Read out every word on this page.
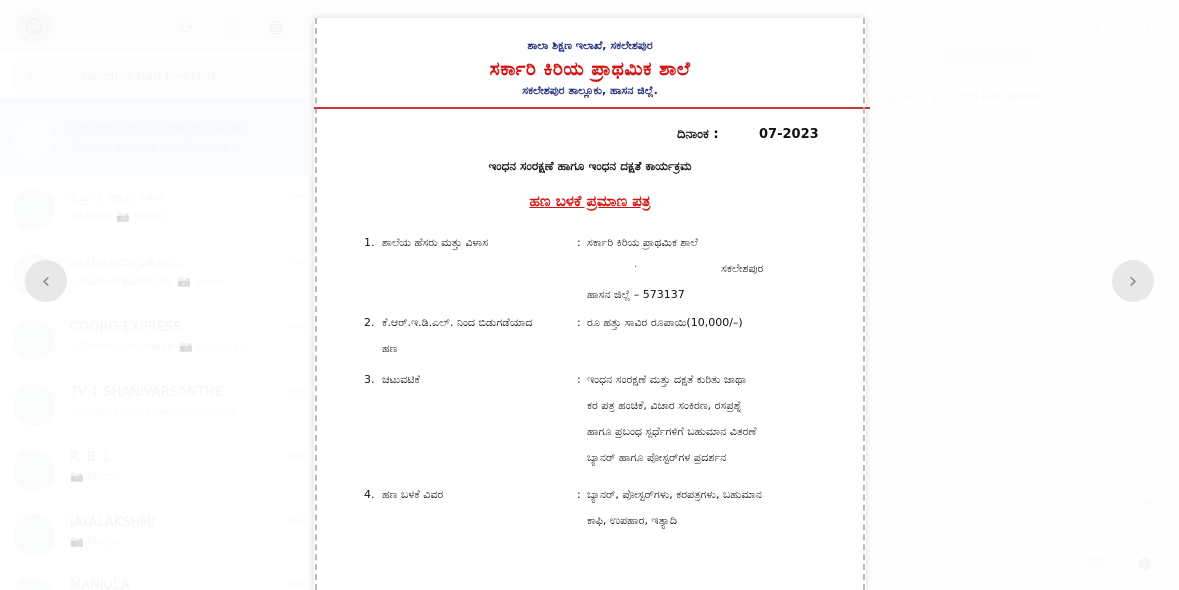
Search or start new chat
‹	›
ಶಾಲಾ ಶಿಕ್ಷಣ ಇಲಾಖೆ, ಸಕಲೇಶಪುರ
ಸರ್ಕಾರಿ ಕಿರಿಯ ಪ್ರಾಥಮಿಕ ಶಾಲೆ
ಸಕಲೇಶಪುರ ತಾಲ್ಲೂಕು, ಹಾಸನ ಜಿಲ್ಲೆ.
ದಿನಾಂಕ :	07-2023
ಇಂಧನ ಸಂರಕ್ಷಣೆ ಹಾಗೂ ಇಂಧನ ದಕ್ಷತೆ ಕಾರ್ಯಕ್ರಮ
ಹಣ ಬಳಕೆ ಪ್ರಮಾಣ ಪತ್ರ
1. ಶಾಲೆಯ ಹೆಸರು ಮತ್ತು ವಿಳಾಸ	: ಸರ್ಕಾರಿ ಕಿರಿಯ ಪ್ರಾಥಮಿಕ ಶಾಲೆ
·	ಸಕಲೇಶಪುರ
ಹಾಸನ ಜಿಲ್ಲೆ – 573137
2. ಕೆ.ಆರ್.ಇ.ಡಿ.ಎಲ್. ನಿಂದ ಬಿಡುಗಡೆಯಾದ
ಹಣ
: ರೂ ಹತ್ತು ಸಾವಿರ ರೂಪಾಯಿ(10,000/–)
3. ಚಟುವಟಿಕೆ	: ಇಂಧನ ಸಂರಕ್ಷಣೆ ಮತ್ತು ದಕ್ಷತೆ ಕುರಿತು ಜಾಥಾ
ಕರ ಪತ್ರ ಹಂಚಿಕೆ, ವಿಚಾರ ಸಂಕಿರಣ, ರಸಪ್ರಶ್ನೆ
ಹಾಗೂ ಪ್ರಬಂಧ ಸ್ಪರ್ಧೆಗಳಿಗೆ ಬಹುಮಾನ ವಿತರಣೆ
ಬ್ಯಾನರ್ ಹಾಗೂ ಪೋಸ್ಟರ್‌ಗಳ ಪ್ರದರ್ಶನ
4. ಹಣ ಬಳಕೆ ವಿವರ	: ಬ್ಯಾನರ್, ಪೋಸ್ಟರ್‌ಗಳು, ಕರಪತ್ರಗಳು, ಬಹುಮಾನ
ಕಾಫಿ, ಉಪಹಾರ, ಇತ್ಯಾದಿ
